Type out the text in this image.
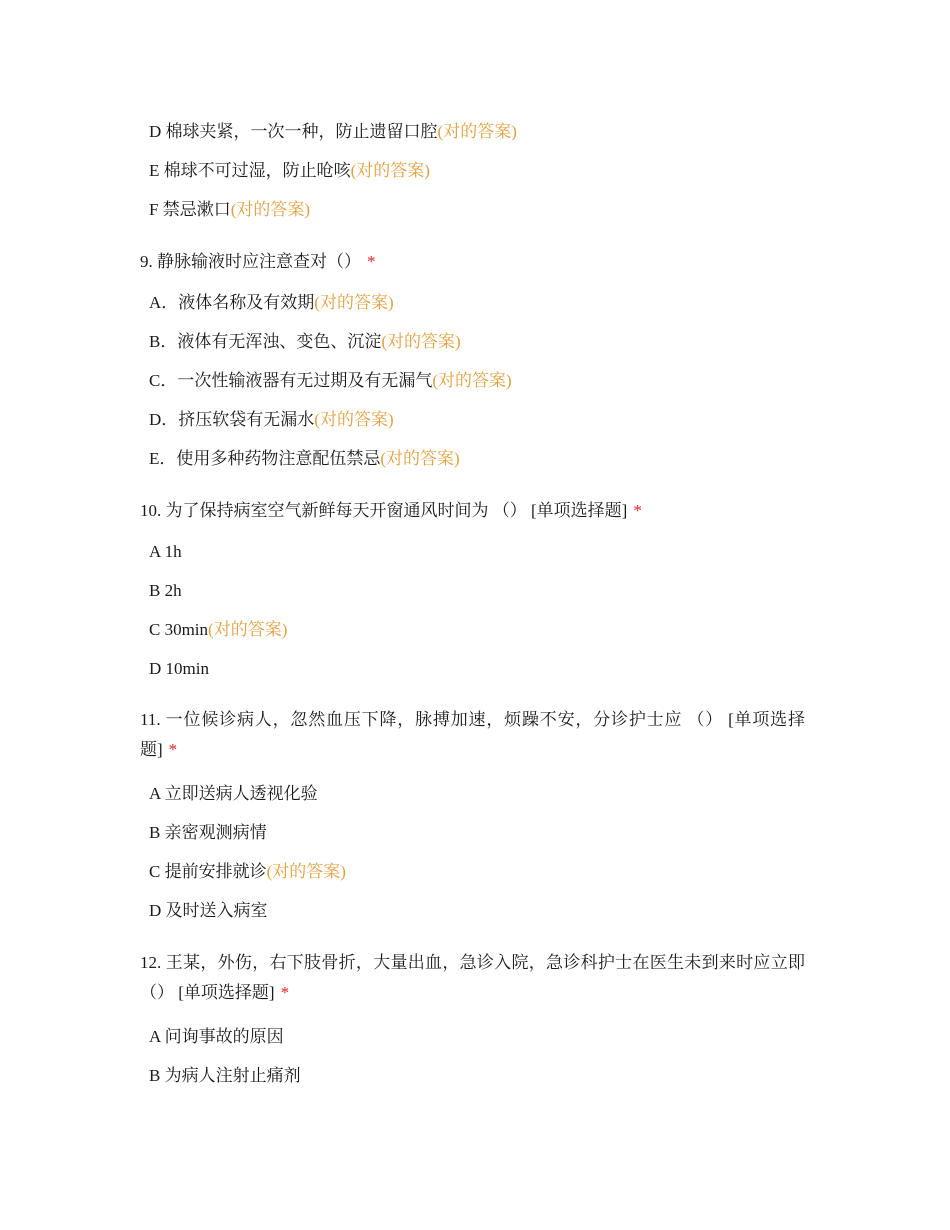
D 棉球夹紧，一次一种，防止遗留口腔(对的答案)
E 棉球不可过湿，防止呛咳(对的答案)
F 禁忌漱口(对的答案)
9. 静脉输液时应注意查对（） *
A．液体名称及有效期(对的答案)
B．液体有无浑浊、变色、沉淀(对的答案)
C．一次性输液器有无过期及有无漏气(对的答案)
D．挤压软袋有无漏水(对的答案)
E．使用多种药物注意配伍禁忌(对的答案)
10. 为了保持病室空气新鲜每天开窗通风时间为 （） [单项选择题] *
A 1h
B 2h
C 30min(对的答案)
D 10min
11. 一位候诊病人，忽然血压下降，脉搏加速，烦躁不安，分诊护士应 （） [单项选择题] *
A 立即送病人透视化验
B 亲密观测病情
C 提前安排就诊(对的答案)
D 及时送入病室
12. 王某，外伤，右下肢骨折，大量出血，急诊入院，急诊科护士在医生未到来时应立即 （） [单项选择题] *
A 问询事故的原因
B 为病人注射止痛剂
